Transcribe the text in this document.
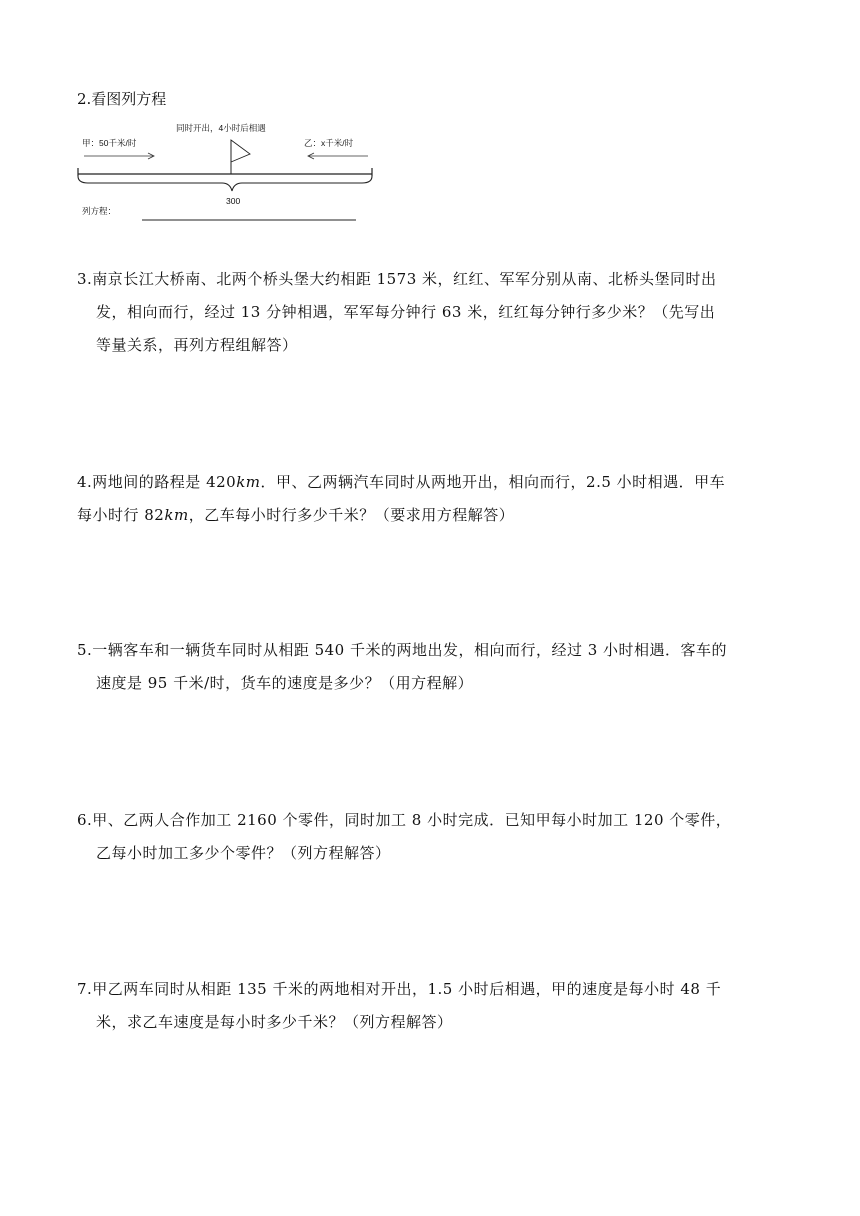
2.看图列方程
同时开出，4小时后相遇
甲：50千米/时	乙：x千米/时
300
列方程：
3.南京长江大桥南、北两个桥头堡大约相距 1573 米，红红、军军分别从南、北桥头堡同时出
发，相向而行，经过 13 分钟相遇，军军每分钟行 63 米，红红每分钟行多少米？（先写出
等量关系，再列方程组解答）
4.两地间的路程是 420km．甲、乙两辆汽车同时从两地开出，相向而行，2.5 小时相遇．甲车
每小时行 82km，乙车每小时行多少千米？（要求用方程解答）
5.一辆客车和一辆货车同时从相距 540 千米的两地出发，相向而行，经过 3 小时相遇．客车的
速度是 95 千米/时，货车的速度是多少？（用方程解）
6.甲、乙两人合作加工 2160 个零件，同时加工 8 小时完成．已知甲每小时加工 120 个零件，
乙每小时加工多少个零件？（列方程解答）
7.甲乙两车同时从相距 135 千米的两地相对开出，1.5 小时后相遇，甲的速度是每小时 48 千
米，求乙车速度是每小时多少千米？（列方程解答）
